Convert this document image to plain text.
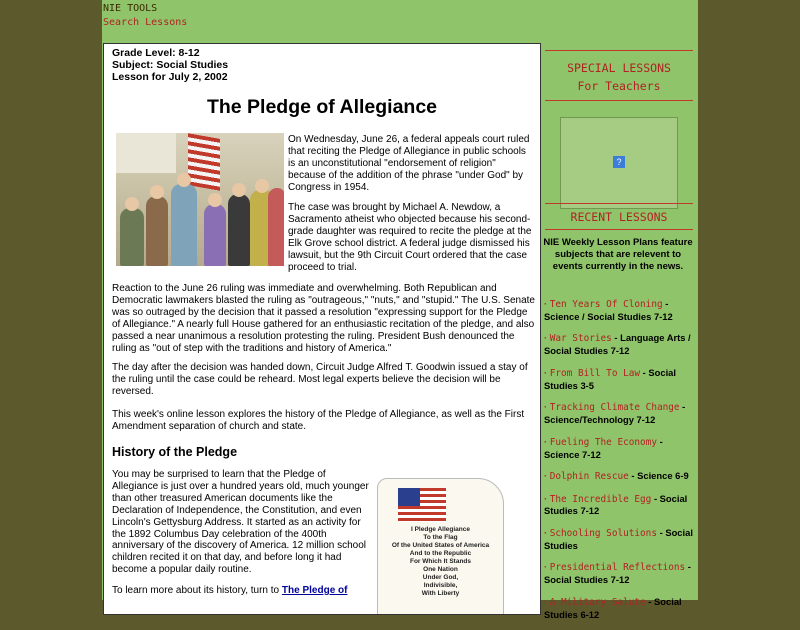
NIE TOOLS
Search Lessons
Grade Level: 8-12
Subject: Social Studies
Lesson for July 2, 2002
The Pledge of Allegiance

On Wednesday, June 26, a federal appeals court ruled that reciting the Pledge of Allegiance in public schools is an unconstitutional "endorsement of religion" because of the addition of the phrase "under God" by Congress in 1954.

The case was brought by Michael A. Newdow, a Sacramento atheist who objected because his second-grade daughter was required to recite the pledge at the Elk Grove school district. A federal judge dismissed his lawsuit, but the 9th Circuit Court ordered that the case proceed to trial.

Reaction to the June 26 ruling was immediate and overwhelming. Both Republican and Democratic lawmakers blasted the ruling as "outrageous," "nuts," and "stupid." The U.S. Senate was so outraged by the decision that it passed a resolution "expressing support for the Pledge of Allegiance." A nearly full House gathered for an enthusiastic recitation of the pledge, and also passed a near unanimous a resolution protesting the ruling. President Bush denounced the ruling as "out of step with the traditions and history of America."

The day after the decision was handed down, Circuit Judge Alfred T. Goodwin issued a stay of the ruling until the case could be reheard. Most legal experts believe the decision will be reversed.

This week's online lesson explores the history of the Pledge of Allegiance, as well as the First Amendment separation of church and state.

History of the Pledge

You may be surprised to learn that the Pledge of Allegiance is just over a hundred years old, much younger than other treasured American documents like the Declaration of Independence, the Constitution, and even Lincoln's Gettysburg Address. It started as an activity for the 1892 Columbus Day celebration of the 400th anniversary of the discovery of America. 12 million school children recited it on that day, and before long it had become a popular daily routine.

To learn more about its history, turn to The Pledge of

I Pledge Allegiance
To the Flag
Of the United States of America
And to the Republic
For Which It Stands
One Nation
Under God,
Indivisible,
With Liberty
SPECIAL LESSONS
For Teachers
?
RECENT LESSONS
NIE Weekly Lesson Plans feature subjects that are relevent to events currently in the news.
· Ten Years Of Cloning - Science / Social Studies 7-12
· War Stories - Language Arts / Social Studies 7-12
· From Bill To Law - Social Studies 3-5
· Tracking Climate Change - Science/Technology 7-12
· Fueling The Economy - Science 7-12
· Dolphin Rescue - Science 6-9
· The Incredible Egg - Social Studies 7-12
· Schooling Solutions - Social Studies
· Presidential Reflections - Social Studies 7-12
· A Military Salute - Social Studies 6-12
